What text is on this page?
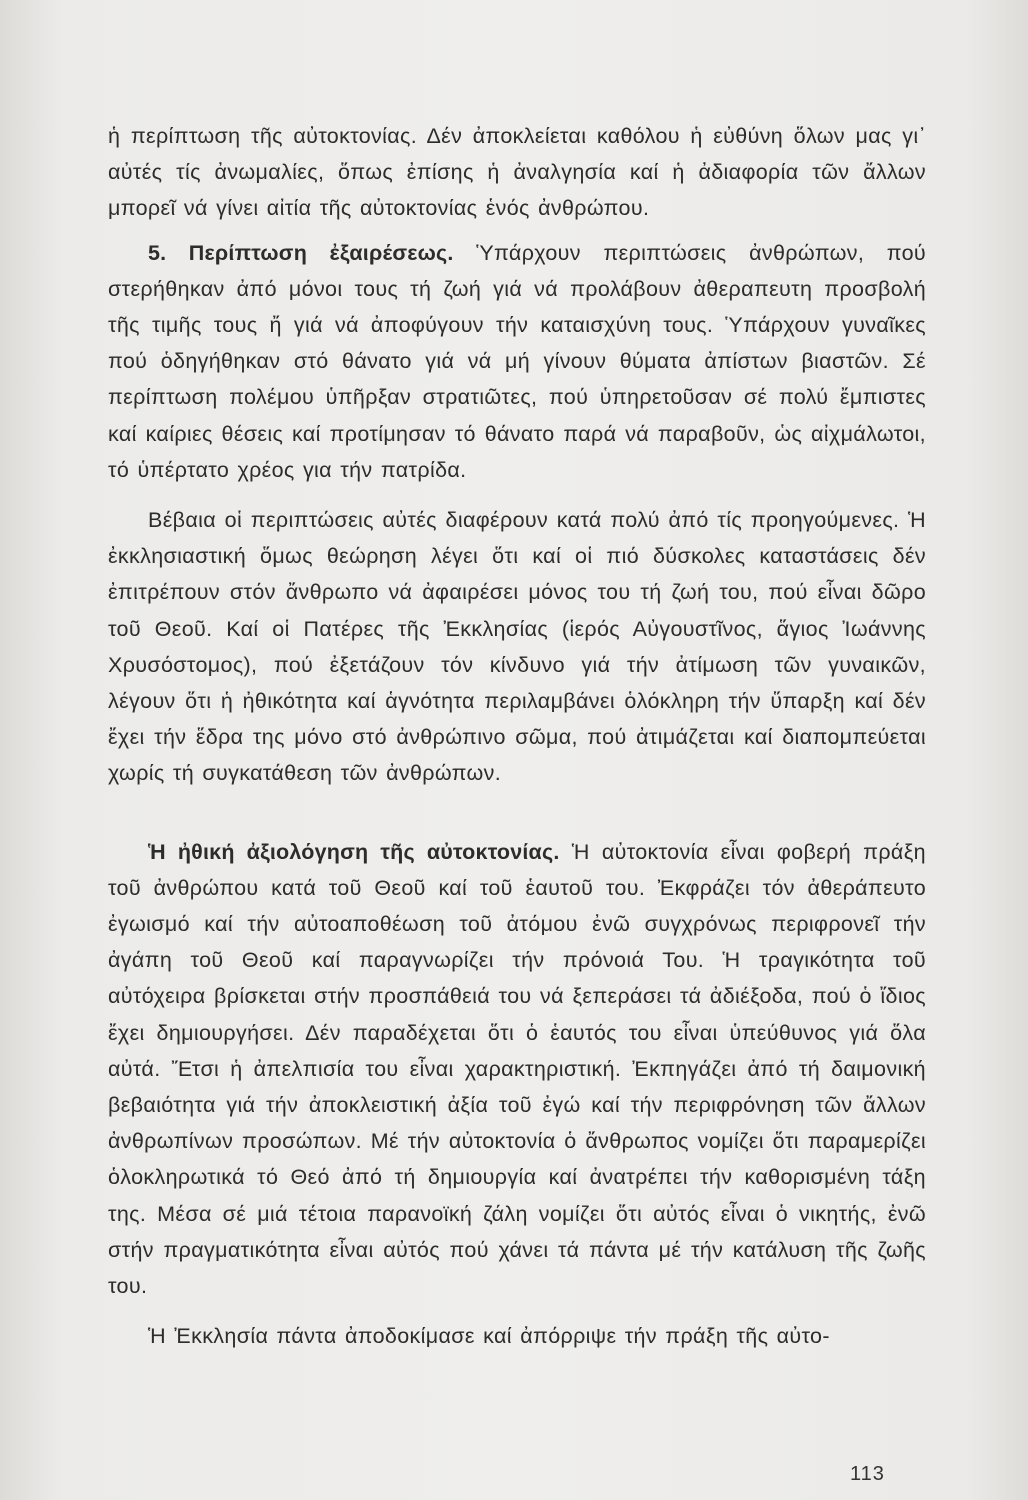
ἡ περίπτωση τῆς αὐτοκτονίας. Δέν ἀποκλείεται καθόλου ἡ εὐθύνη ὅλων μας γι᾽ αὐτές τίς ἀνωμαλίες, ὅπως ἐπίσης ἡ ἀναλγησία καί ἡ ἀδιαφορία τῶν ἄλλων μπορεῖ νά γίνει αἰτία τῆς αὐτοκτονίας ἑνός ἀνθρώπου.

5. Περίπτωση ἐξαιρέσεως. Ὑπάρχουν περιπτώσεις ἀνθρώπων, πού στερήθηκαν ἀπό μόνοι τους τή ζωή γιά νά προλάβουν ἀθεραπευτη προσβολή τῆς τιμῆς τους ἤ γιά νά ἀποφύγουν τήν καταισχύνη τους. Ὑπάρχουν γυναῖκες πού ὁδηγήθηκαν στό θάνατο γιά νά μή γίνουν θύματα ἀπίστων βιαστῶν. Σέ περίπτωση πολέμου ὑπῆρξαν στρατιῶτες, πού ὑπηρετοῦσαν σέ πολύ ἔμπιστες καί καίριες θέσεις καί προτίμησαν τό θάνατο παρά νά παραβοῦν, ὡς αἰχμάλωτοι, τό ὑπέρτατο χρέος για τήν πατρίδα.

Βέβαια οἱ περιπτώσεις αὐτές διαφέρουν κατά πολύ ἀπό τίς προηγούμενες. Ἡ ἐκκλησιαστική ὅμως θεώρηση λέγει ὅτι καί οἱ πιό δύσκολες καταστάσεις δέν ἐπιτρέπουν στόν ἄνθρωπο νά ἀφαιρέσει μόνος του τή ζωή του, πού εἶναι δῶρο τοῦ Θεοῦ. Καί οἱ Πατέρες τῆς Ἐκκλησίας (ἱερός Αὐγουστῖνος, ἅγιος Ἰωάννης Χρυσόστομος), πού ἐξετάζουν τόν κίνδυνο γιά τήν ἀτίμωση τῶν γυναικῶν, λέγουν ὅτι ἡ ἠθικότητα καί ἁγνότητα περιλαμβάνει ὁλόκληρη τήν ὕπαρξη καί δέν ἔχει τήν ἕδρα της μόνο στό ἀνθρώπινο σῶμα, πού ἀτιμάζεται καί διαπομπεύεται χωρίς τή συγκατάθεση τῶν ἀνθρώπων.

Ἡ ἠθική ἀξιολόγηση τῆς αὐτοκτονίας. Ἡ αὐτοκτονία εἶναι φοβερή πράξη τοῦ ἀνθρώπου κατά τοῦ Θεοῦ καί τοῦ ἑαυτοῦ του. Ἐκφράζει τόν ἀθεράπευτο ἐγωισμό καί τήν αὐτοαποθέωση τοῦ ἀτόμου ἐνῶ συγχρόνως περιφρονεῖ τήν ἀγάπη τοῦ Θεοῦ καί παραγνωρίζει τήν πρόνοιά Του. Ἡ τραγικότητα τοῦ αὐτόχειρα βρίσκεται στήν προσπάθειά του νά ξεπεράσει τά ἀδιέξοδα, πού ὁ ἴδιος ἔχει δημιουργήσει. Δέν παραδέχεται ὅτι ὁ ἑαυτός του εἶναι ὑπεύθυνος γιά ὅλα αὐτά. Ἔτσι ἡ ἀπελπισία του εἶναι χαρακτηριστική. Ἐκπηγάζει ἀπό τή δαιμονική βεβαιότητα γιά τήν ἀποκλειστική ἀξία τοῦ ἐγώ καί τήν περιφρόνηση τῶν ἄλλων ἀνθρωπίνων προσώπων. Μέ τήν αὐτοκτονία ὁ ἄνθρωπος νομίζει ὅτι παραμερίζει ὁλοκληρωτικά τό Θεό ἀπό τή δημιουργία καί ἀνατρέπει τήν καθορισμένη τάξη της. Μέσα σέ μιά τέτοια παρανοϊκή ζάλη νομίζει ὅτι αὐτός εἶναι ὁ νικητής, ἐνῶ στήν πραγματικότητα εἶναι αὐτός πού χάνει τά πάντα μέ τήν κατάλυση τῆς ζωῆς του.

Ἡ Ἐκκλησία πάντα ἀποδοκίμασε καί ἀπόρριψε τήν πράξη τῆς αὐτο-

113
